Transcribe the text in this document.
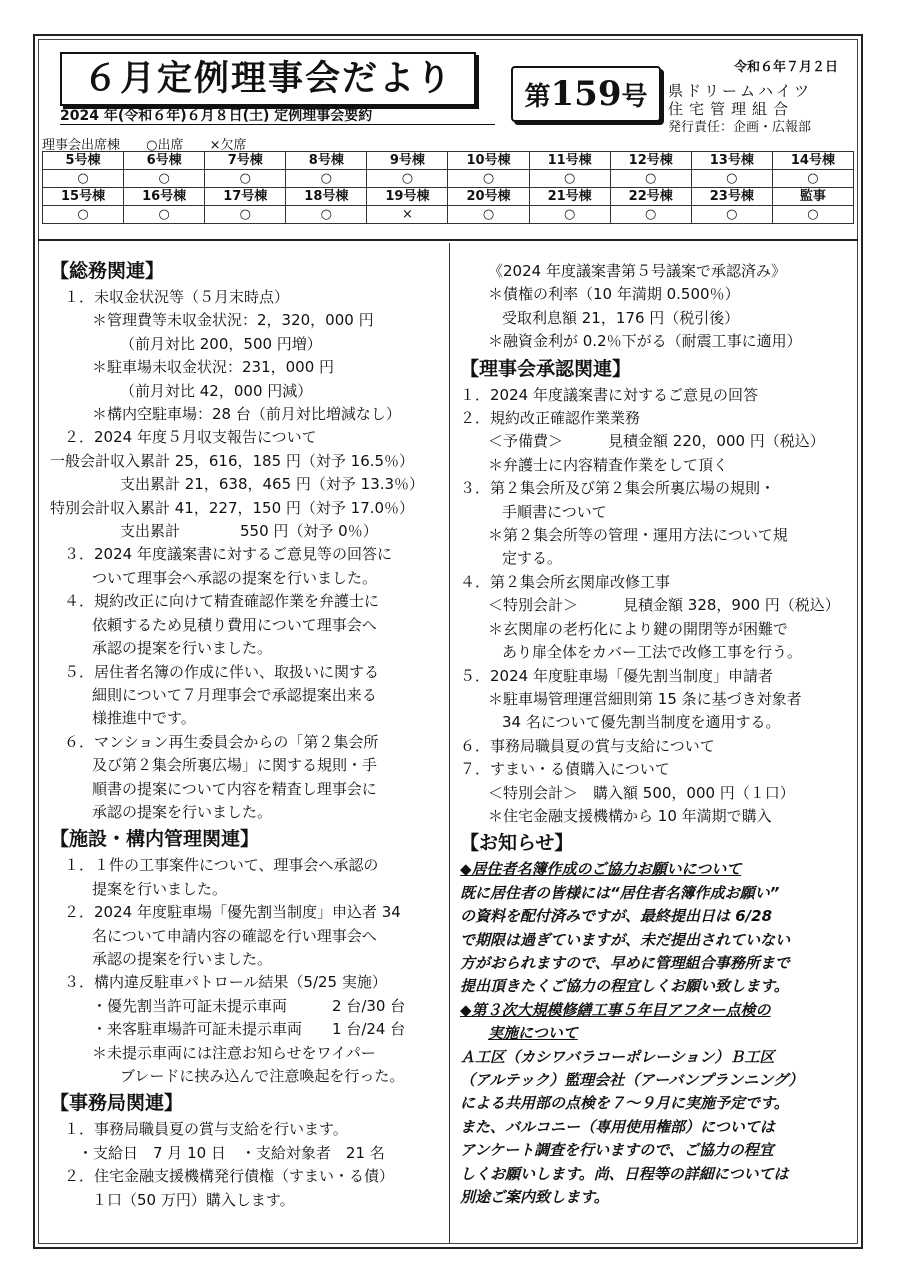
６月定例理事会だより
2024 年(令和６年)６月８日(土) 定例理事会要約
第159号
令和６年７月２日
県ドリームハイツ
住宅管理組合
発行責任：企画・広報部
理事会出席棟 ○出席 ×欠席
5号棟	6号棟	7号棟	8号棟	9号棟	10号棟	11号棟	12号棟	13号棟	14号棟
○	○	○	○	○	○	○	○	○	○
15号棟	16号棟	17号棟	18号棟	19号棟	20号棟	21号棟	22号棟	23号棟	監事
○	○	○	○	×	○	○	○	○	○
【総務関連】
１．未収金状況等（５月末時点）
＊管理費等未収金状況：2，320，000 円
（前月対比 200，500 円増）
＊駐車場未収金状況：231，000 円
（前月対比 42，000 円減）
＊構内空駐車場：28 台（前月対比増減なし）
２．2024 年度５月収支報告について
一般会計収入累計 25，616，185 円（対予 16.5％）
支出累計 21，638，465 円（対予 13.3％）
特別会計収入累計 41，227，150 円（対予 17.0％）
支出累計　　　　550 円（対予 0％）
３．2024 年度議案書に対するご意見等の回答に
ついて理事会へ承認の提案を行いました。
４．規約改正に向けて精査確認作業を弁護士に
依頼するため見積り費用について理事会へ
承認の提案を行いました。
５．居住者名簿の作成に伴い、取扱いに関する
細則について７月理事会で承認提案出来る
様推進中です。
６．マンション再生委員会からの「第２集会所
及び第２集会所裏広場」に関する規則・手
順書の提案について内容を精査し理事会に
承認の提案を行いました。
【施設・構内管理関連】
１．１件の工事案件について、理事会へ承認の
提案を行いました。
２．2024 年度駐車場「優先割当制度」申込者 34
名について申請内容の確認を行い理事会へ
承認の提案を行いました。
３．構内違反駐車パトロール結果（5/25 実施）
・優先割当許可証未提示車両　　　2 台/30 台
・来客駐車場許可証未提示車両　　1 台/24 台
＊未提示車両には注意お知らせをワイパー
ブレードに挟み込んで注意喚起を行った。
【事務局関連】
１．事務局職員夏の賞与支給を行います。
・支給日　7 月 10 日　・支給対象者　21 名
２．住宅金融支援機構発行債権（すまい・る債）
１口（50 万円）購入します。
《2024 年度議案書第５号議案で承認済み》
＊債権の利率（10 年満期 0.500％）
受取利息額 21，176 円（税引後）
＊融資金利が 0.2％下がる（耐震工事に適用）
【理事会承認関連】
１．2024 年度議案書に対するご意見の回答
２．規約改正確認作業業務
＜予備費＞　　　見積金額 220，000 円（税込）
＊弁護士に内容精査作業をして頂く
３．第２集会所及び第２集会所裏広場の規則・
手順書について
＊第２集会所等の管理・運用方法について規
定する。
４．第２集会所玄関扉改修工事
＜特別会計＞　　　見積金額 328，900 円（税込）
＊玄関扉の老朽化により鍵の開閉等が困難で
あり扉全体をカバー工法で改修工事を行う。
５．2024 年度駐車場「優先割当制度」申請者
＊駐車場管理運営細則第 15 条に基づき対象者
34 名について優先割当制度を適用する。
６．事務局職員夏の賞与支給について
７．すまい・る債購入について
＜特別会計＞　購入額 500，000 円（１口）
＊住宅金融支援機構から 10 年満期で購入
【お知らせ】
◆居住者名簿作成のご協力お願いについて
既に居住者の皆様には“居住者名簿作成お願い”
の資料を配付済みですが、最終提出日は 6/28
で期限は過ぎていますが、未だ提出されていない
方がおられますので、早めに管理組合事務所まで
提出頂きたくご協力の程宜しくお願い致します。
◆第３次大規模修繕工事５年目アフター点検の
実施について
Ａ工区（カシワバラコーポレーション）Ｂ工区
（アルテック）監理会社（アーバンプランニング）
による共用部の点検を７～９月に実施予定です。
また、バルコニー（専用使用権部）については
アンケート調査を行いますので、ご協力の程宜
しくお願いします。尚、日程等の詳細については
別途ご案内致します。
